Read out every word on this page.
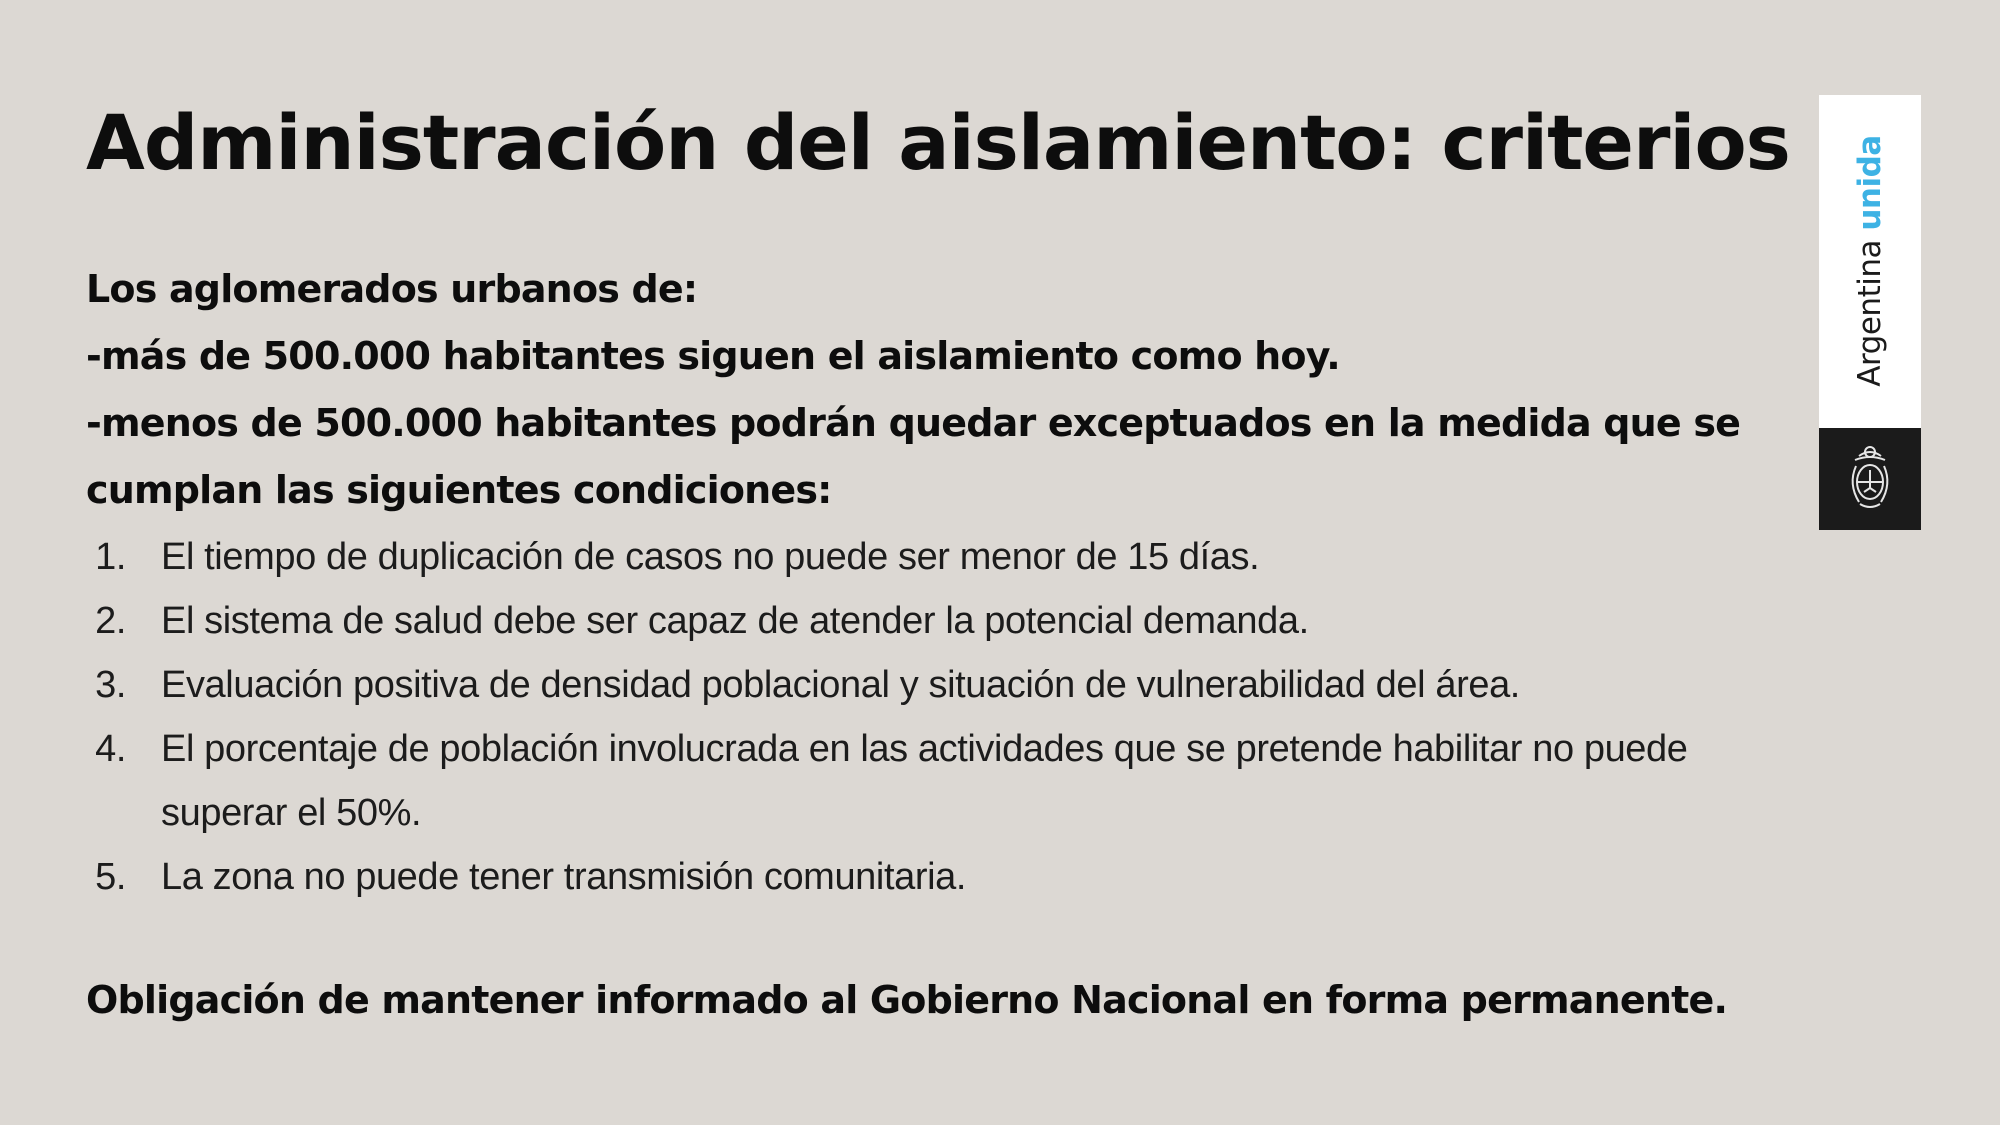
Administración del aislamiento: criterios

Los aglomerados urbanos de:
-más de 500.000 habitantes siguen el aislamiento como hoy.
-menos de 500.000 habitantes podrán quedar exceptuados en la medida que se cumplan las siguientes condiciones:

1. El tiempo de duplicación de casos no puede ser menor de 15 días.
2. El sistema de salud debe ser capaz de atender la potencial demanda.
3. Evaluación positiva de densidad poblacional y situación de vulnerabilidad del área.
4. El porcentaje de población involucrada en las actividades que se pretende habilitar no puede superar el 50%.
5. La zona no puede tener transmisión comunitaria.

Obligación de mantener informado al Gobierno Nacional en forma permanente.

Argentina unida
